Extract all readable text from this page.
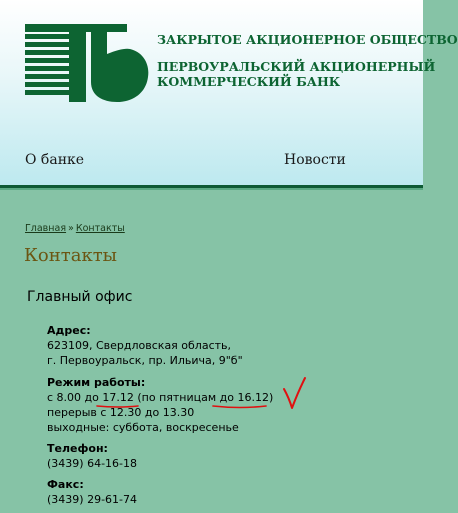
ЗАКРЫТОЕ АКЦИОНЕРНОЕ ОБЩЕСТВО
ПЕРВОУРАЛЬСКИЙ АКЦИОНЕРНЫЙ
КОММЕРЧЕСКИЙ БАНК
О банке	Новости
Главная » Контакты
Контакты
Главный офис
Адрес:
623109, Свердловская область,
г. Первоуральск, пр. Ильича, 9"б"
Режим работы:
с 8.00 до 17.12 (по пятницам до 16.12)
перерыв с 12.30 до 13.30
выходные: суббота, воскресенье
Телефон:
(3439) 64-16-18
Факс:
(3439) 29-61-74
